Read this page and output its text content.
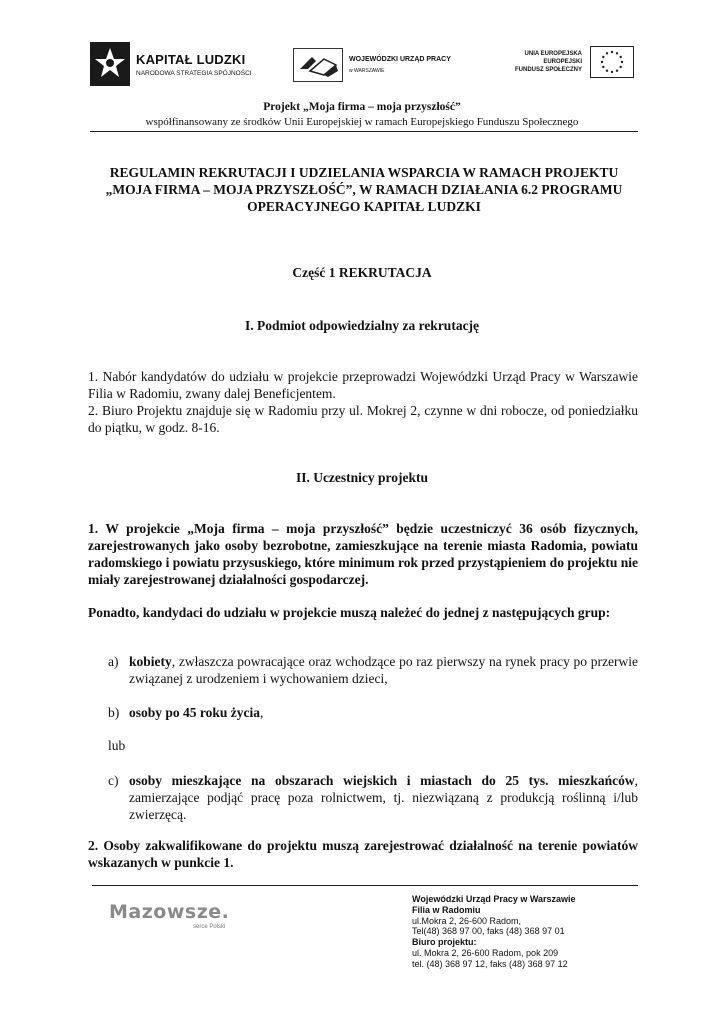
KAPITAŁ LUDZKI
NARODOWA STRATEGIA SPÓJNOŚCI
WOJEWÓDZKI URZĄD PRACY
w WARSZAWIE
UNIA EUROPEJSKA
EUROPEJSKI
FUNDUSZ SPOŁECZNY
Projekt „Moja firma – moja przyszłość”
współfinansowany ze środków Unii Europejskiej w ramach Europejskiego Funduszu Społecznego
REGULAMIN REKRUTACJI I UDZIELANIA WSPARCIA W RAMACH PROJEKTU „MOJA FIRMA – MOJA PRZYSZŁOŚĆ”, W RAMACH DZIAŁANIA 6.2 PROGRAMU OPERACYJNEGO KAPITAŁ LUDZKI
Część 1 REKRUTACJA
I. Podmiot odpowiedzialny za rekrutację
1. Nabór kandydatów do udziału w projekcie przeprowadzi Wojewódzki Urząd Pracy w Warszawie Filia w Radomiu, zwany dalej Beneficjentem.
2. Biuro Projektu znajduje się w Radomiu przy ul. Mokrej 2, czynne w dni robocze, od poniedziałku do piątku, w godz. 8-16.
II. Uczestnicy projektu
1. W projekcie „Moja firma – moja przyszłość” będzie uczestniczyć 36 osób fizycznych, zarejestrowanych jako osoby bezrobotne, zamieszkujące na terenie miasta Radomia, powiatu radomskiego i powiatu przysuskiego, które minimum rok przed przystąpieniem do projektu nie miały zarejestrowanej działalności gospodarczej.
Ponadto, kandydaci do udziału w projekcie muszą należeć do jednej z następujących grup:
a) kobiety, zwłaszcza powracające oraz wchodzące po raz pierwszy na rynek pracy po przerwie związanej z urodzeniem i wychowaniem dzieci,
b) osoby po 45 roku życia,
lub
c) osoby mieszkające na obszarach wiejskich i miastach do 25 tys. mieszkańców, zamierzające podjąć pracę poza rolnictwem, tj. niezwiązaną z produkcją roślinną i/lub zwierzęcą.
2. Osoby zakwalifikowane do projektu muszą zarejestrować działalność na terenie powiatów wskazanych w punkcie 1.
Mazowsze.
serce Polski
Wojewódzki Urząd Pracy w Warszawie
Filia w Radomiu
ul.Mokra 2, 26-600 Radom,
Tel(48) 368 97 00, faks (48) 368 97 01
Biuro projektu:
ul. Mokra 2, 26-600 Radom, pok 209
tel. (48) 368 97 12, faks (48) 368 97 12
